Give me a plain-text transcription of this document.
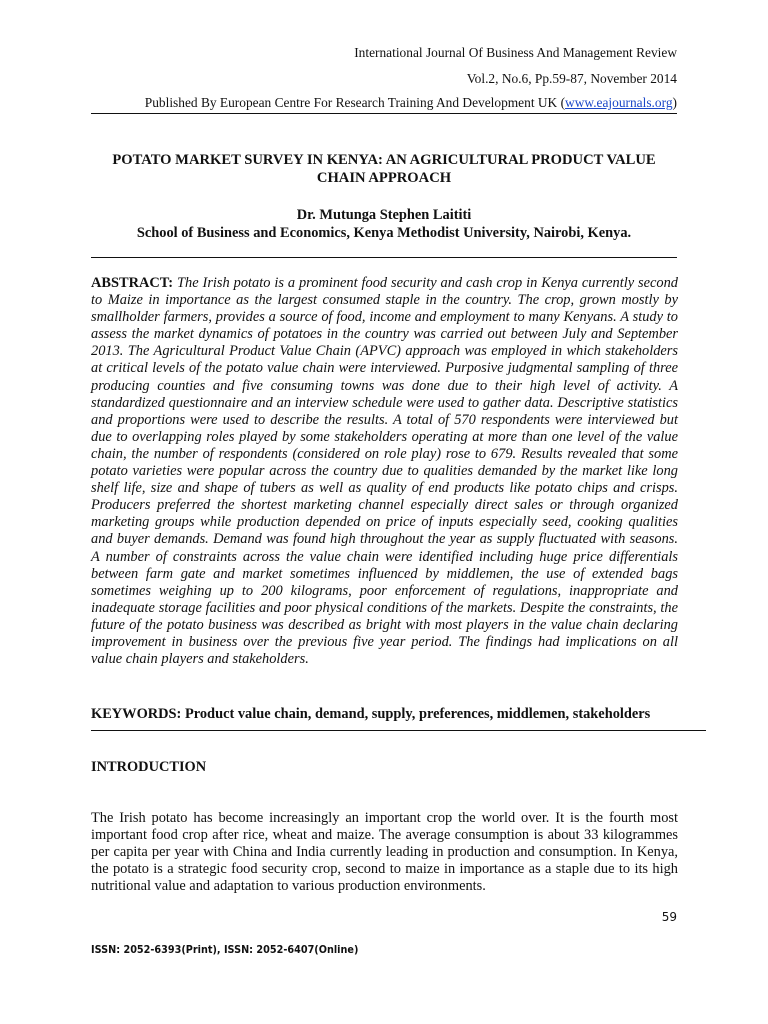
International Journal Of Business And Management Review
Vol.2, No.6, Pp.59-87, November 2014
Published By European Centre For Research Training And Development UK (www.eajournals.org)
POTATO MARKET SURVEY IN KENYA: AN AGRICULTURAL PRODUCT VALUE CHAIN APPROACH
Dr. Mutunga Stephen Laititi
School of Business and Economics, Kenya Methodist University, Nairobi, Kenya.
ABSTRACT: The Irish potato is a prominent food security and cash crop in Kenya currently second to Maize in importance as the largest consumed staple in the country. The crop, grown mostly by smallholder farmers, provides a source of food, income and employment to many Kenyans. A study to assess the market dynamics of potatoes in the country was carried out between July and September 2013. The Agricultural Product Value Chain (APVC) approach was employed in which stakeholders at critical levels of the potato value chain were interviewed. Purposive judgmental sampling of three producing counties and five consuming towns was done due to their high level of activity. A standardized questionnaire and an interview schedule were used to gather data. Descriptive statistics and proportions were used to describe the results. A total of 570 respondents were interviewed but due to overlapping roles played by some stakeholders operating at more than one level of the value chain, the number of respondents (considered on role play) rose to 679. Results revealed that some potato varieties were popular across the country due to qualities demanded by the market like long shelf life, size and shape of tubers as well as quality of end products like potato chips and crisps. Producers preferred the shortest marketing channel especially direct sales or through organized marketing groups while production depended on price of inputs especially seed, cooking qualities and buyer demands. Demand was found high throughout the year as supply fluctuated with seasons. A number of constraints across the value chain were identified including huge price differentials between farm gate and market sometimes influenced by middlemen, the use of extended bags sometimes weighing up to 200 kilograms, poor enforcement of regulations, inappropriate and inadequate storage facilities and poor physical conditions of the markets. Despite the constraints, the future of the potato business was described as bright with most players in the value chain declaring improvement in business over the previous five year period. The findings had implications on all value chain players and stakeholders.
KEYWORDS: Product value chain, demand, supply, preferences, middlemen, stakeholders
INTRODUCTION
The Irish potato has become increasingly an important crop the world over. It is the fourth most important food crop after rice, wheat and maize. The average consumption is about 33 kilogrammes per capita per year with China and India currently leading in production and consumption. In Kenya, the potato is a strategic food security crop, second to maize in importance as a staple due to its high nutritional value and adaptation to various production environments.
59
ISSN: 2052-6393(Print), ISSN: 2052-6407(Online)
